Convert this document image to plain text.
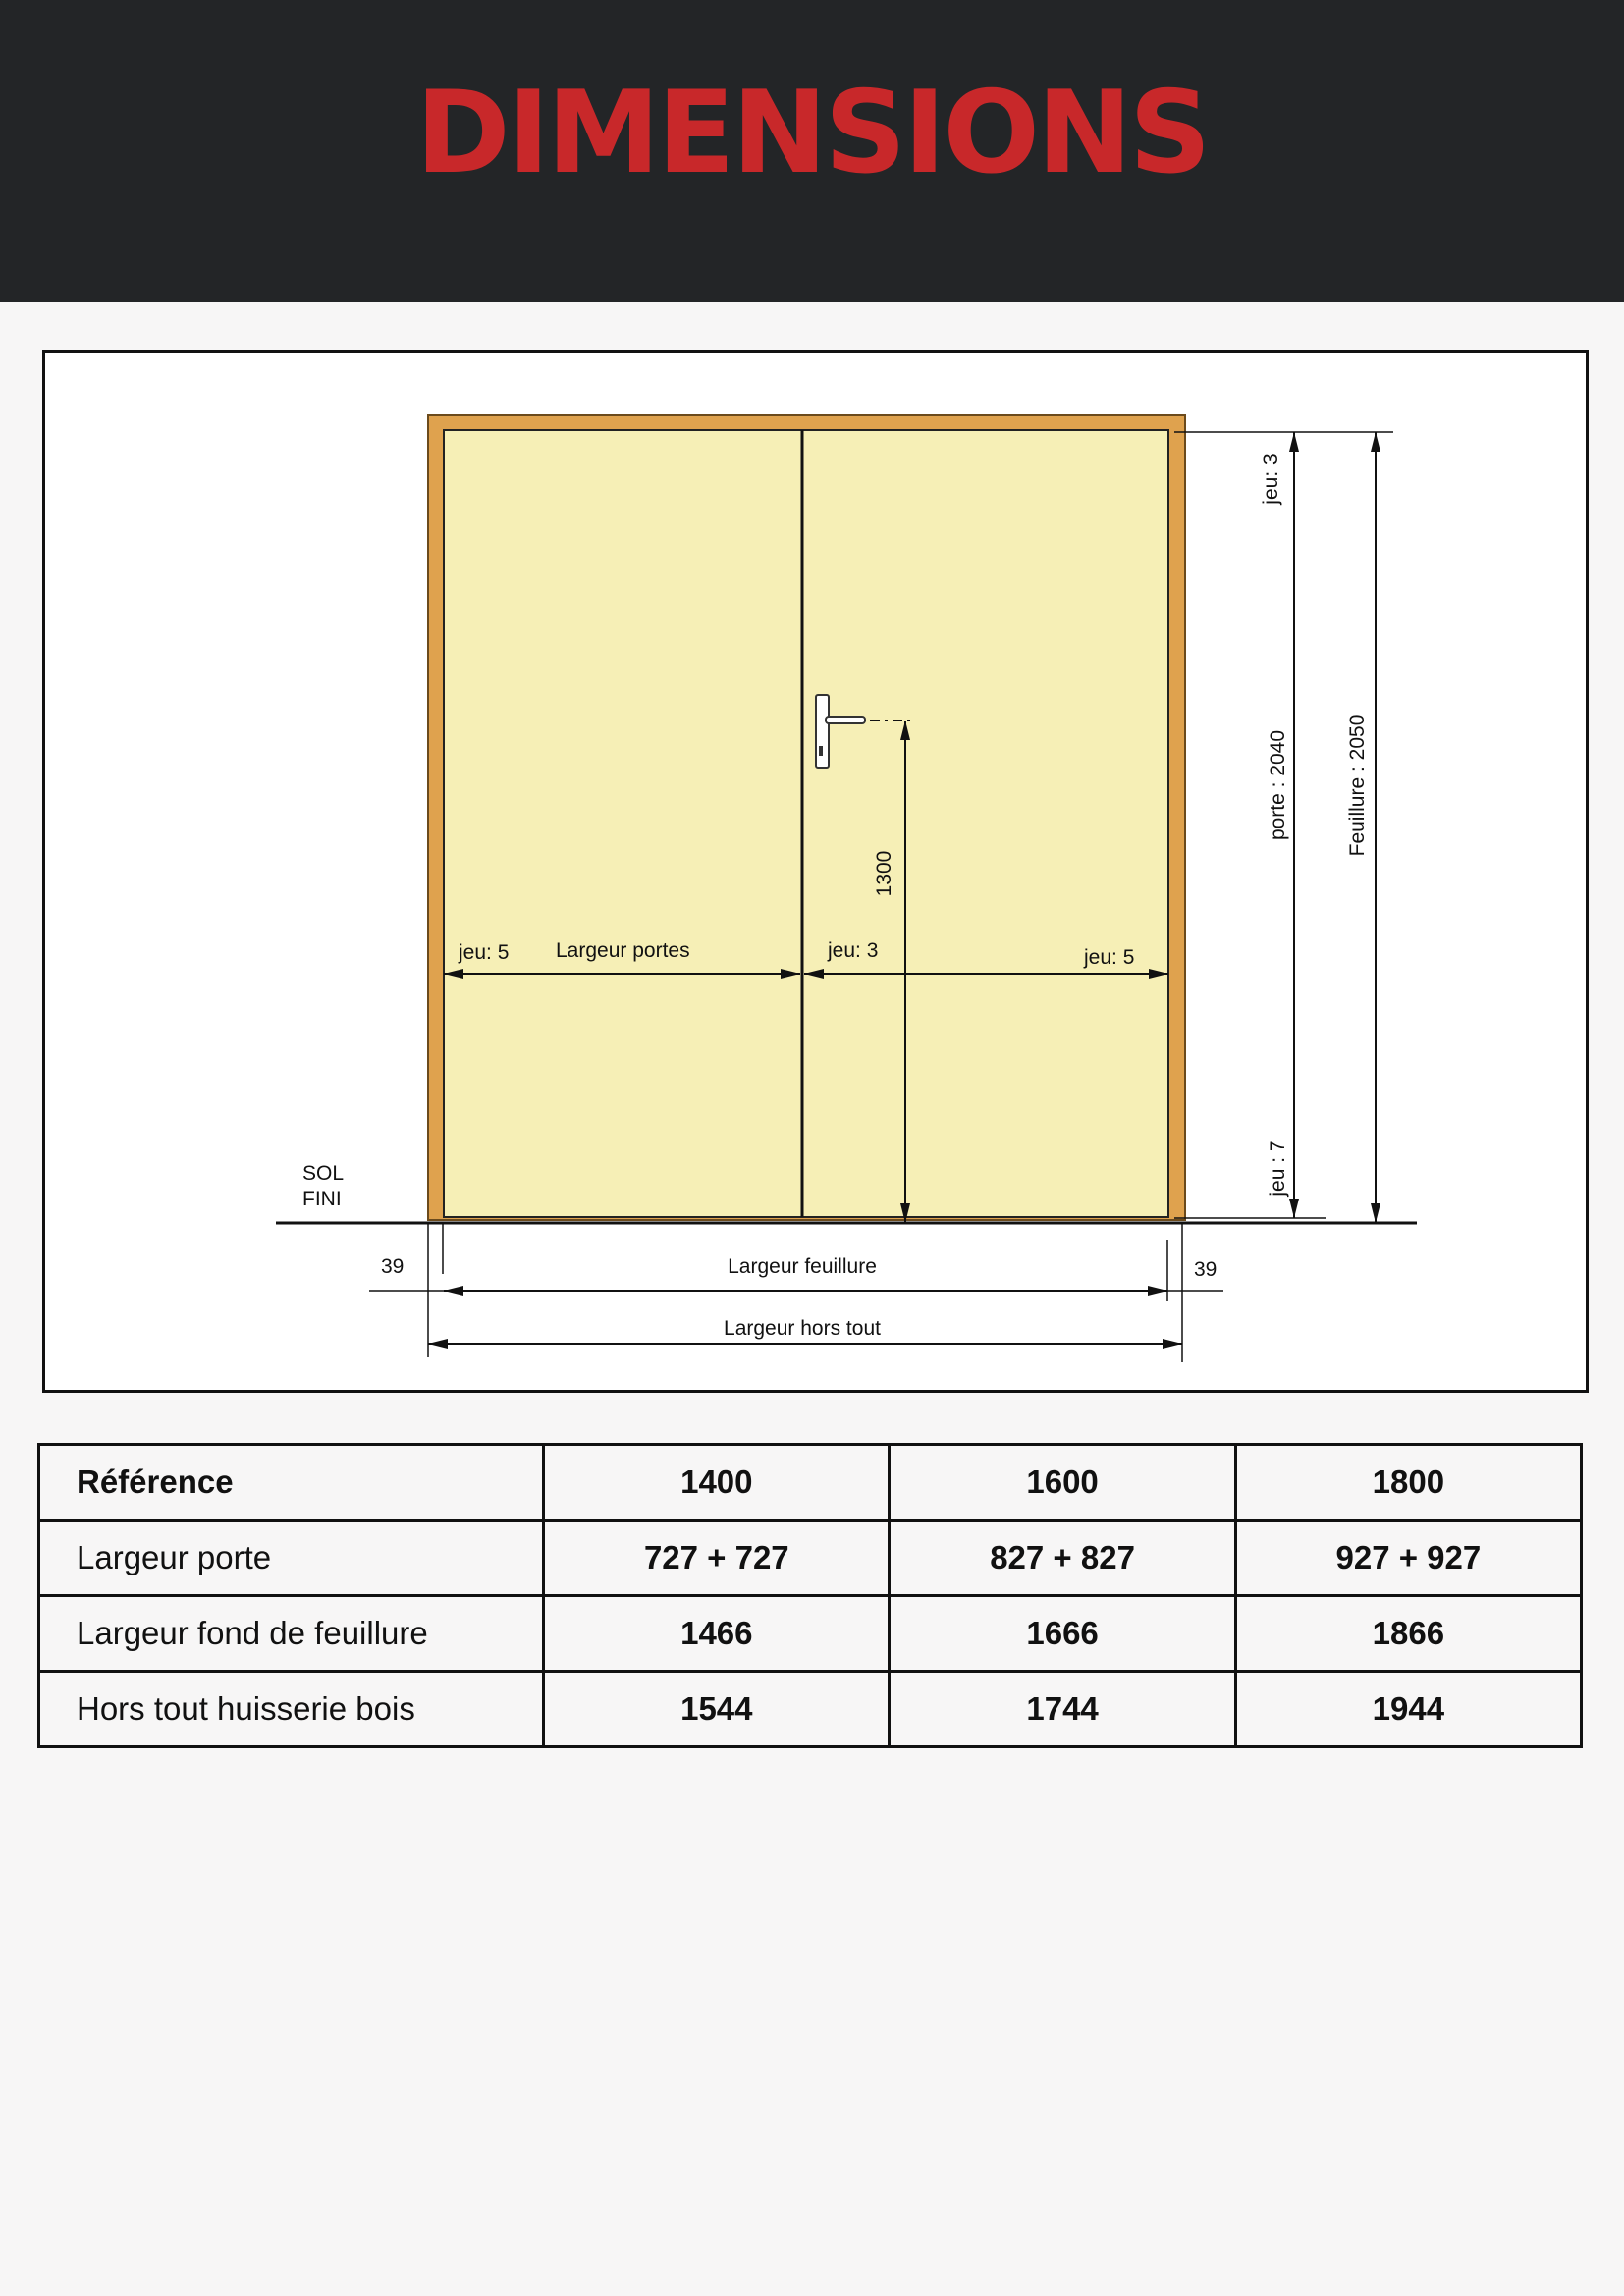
DIMENSIONS
1300
jeu: 5 Largeur portes	jeu: 3	jeu: 5
jeu: 3
porte : 2040	Feuillure : 2050
jeu : 7
SOL
FINI
39	39
Largeur feuillure
Largeur hors tout
Référence	1400	1600	1800
Largeur porte	727 + 727	827 + 827	927 + 927
Largeur fond de feuillure	1466	1666	1866
Hors tout huisserie bois	1544	1744	1944
